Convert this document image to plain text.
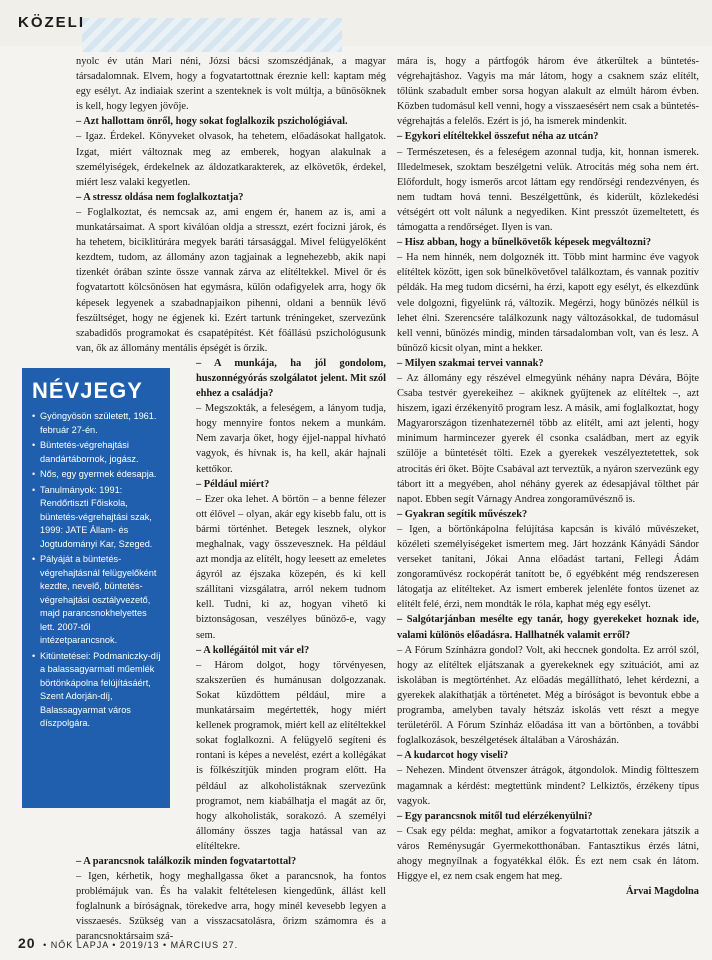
KÖZELI

nyolc év után Mari néni, Józsi bácsi szomszédjának, a magyar társadalomnak. Elvem, hogy a fogvatartottnak éreznie kell: kaptam még egy esélyt. Az indiaiak szerint a szenteknek is volt múltja, a bűnösöknek is kell, hogy legyen jövője.

– Azt hallottam önről, hogy sokat foglalkozik pszichológiával.

– Igaz. Érdekel. Könyveket olvasok, ha tehetem, előadásokat hallgatok. Izgat, miért változnak meg az emberek, hogyan alakulnak a személyiségek, érdekelnek az áldozatkarakterek, az elkövetők, érdekel, miért lesz valaki kegyetlen.

– A stressz oldása nem foglalkoztatja?

– Foglalkoztat, és nemcsak az, ami engem ér, hanem az is, ami a munkatársaimat. A sport kiválóan oldja a stresszt, ezért focizni járok, és ha tehetem, biciklitúrára megyek baráti társasággal. Mivel felügyelőként kezdtem, tudom, az állomány azon tagjainak a legnehezebb, akik napi tizenkét órában szinte össze vannak zárva az elítéltekkel. Mivel őr és fogvatartott kölcsönösen hat egymásra, külön odafigyelek arra, hogy ők képesek legyenek a szabadnapjaikon pihenni, oldani a bennük lévő feszültséget, hogy ne égjenek ki. Ezért tartunk tréningeket, szervezünk szabadidős programokat és csapatépítést. Két főállású pszichológusunk van, ők az állomány mentális épségét is őrzik.

– A munkája, ha jól gondolom, huszonnégyórás szolgálatot jelent. Mit szól ehhez a családja?

– Megszokták, a feleségem, a lányom tudja, hogy mennyire fontos nekem a munkám. Nem zavarja őket, hogy éjjel-nappal hívható vagyok, és hívnak is, ha kell, akár hajnali kettőkor.

– Például miért?

– Ezer oka lehet. A börtön – a benne félezer ott élővel – olyan, akár egy kisebb falu, ott is bármi történhet. Betegek lesznek, olykor meghalnak, vagy összevesznek. Ha például azt mondja az elítélt, hogy leesett az emeletes ágyról az éjszaka közepén, és ki kell szállítani vizsgálatra, arról nekem tudnom kell. Tudni, ki az, hogyan vihető ki biztonságosan, veszélyes bűnöző-e, vagy sem.

– A kollégáitól mit vár el?

– Három dolgot, hogy törvényesen, szakszerűen és humánusan dolgozzanak. Sokat küzdöttem például, mire a munkatársaim megértették, hogy miért kellenek programok, miért kell az elítéltekkel sokat foglalkozni. A felügyelő segíteni és rontani is képes a nevelést, ezért a kollégákat is fölkészítjük minden program előtt. Ha például az alkoholistáknak szervezünk programot, nem kiabálhatja el magát az őr, hogy alkoholisták, sorakozó. A személyi állomány összes tagja hatással van az elítéltekre.

– A parancsnok találkozik minden fogvatartottal?

– Igen, kérhetik, hogy meghallgassa őket a parancsnok, ha fontos problémájuk van. És ha valakit feltételesen kiengedünk, állást kell foglalnunk a bíróságnak, törekedve arra, hogy minél kevesebb legyen a visszaesés. Szükség van a visszacsatolásra, őrizm számomra és a parancsnoktársaim szá-

NÉVJEGY
• Gyöngyösön született, 1961. február 27-én.
• Büntetés-végrehajtási dandártábornok, jogász.
• Nős, egy gyermek édesapja.
• Tanulmányok: 1991: Rendőrtiszti Főiskola, büntetés-végrehajtási szak, 1999: JATE Állam- és Jogtudományi Kar, Szeged.
• Pályáját a büntetés-végrehajtásnál felügyelőként kezdte, nevelő, büntetés-végrehajtási osztályvezető, majd parancsnokhelyettes lett. 2007-től intézetparancsnok.
• Kitüntetései: Podmaniczky-díj a balassagyarmati műemlék börtönkápolna felújításáért, Szent Adorján-díj, Balassagyarmat város díszpolgára.

mára is, hogy a pártfogók három éve átkerültek a büntetés-végrehajtáshoz. Vagyis ma már látom, hogy a csaknem száz elítélt, tőlünk szabadult ember sorsa hogyan alakult az elmúlt három évben. Közben tudomásul kell venni, hogy a visszaesésért nem csak a büntetés-végrehajtás a felelős. Ezért is jó, ha ismerek mindenkit.

– Egykori elítéltekkel összefut néha az utcán?

– Természetesen, és a feleségem azonnal tudja, kit, honnan ismerek. Illedelmesek, szoktam beszélgetni velük. Atrocitás még soha nem ért. Előfordult, hogy ismerős arcot láttam egy rendőrségi rendezvényen, és nem tudtam hová tenni. Beszélgettünk, és kiderült, közlekedési vétségért ott volt nálunk a negyediken. Kint presszót üzemeltetett, és támogatta a rendőrséget. Ilyen is van.

– Hisz abban, hogy a bűnelkövetők képesek megváltozni?

– Ha nem hinnék, nem dolgoznék itt. Több mint harminc éve vagyok elítéltek között, igen sok bűnelkövetővel találkoztam, és vannak pozitív példák. Ha meg tudom dicsérni, ha érzi, kapott egy esélyt, és elkezdünk vele dolgozni, figyelünk rá, változik. Megérzi, hogy bűnözés nélkül is lehet élni. Szerencsére találkozunk nagy változásokkal, de tudomásul kell venni, bűnözés mindig, minden társadalomban volt, van és lesz. A bűnöző kicsit olyan, mint a hekker.

– Milyen szakmai tervei vannak?

– Az állomány egy részével elmegyünk néhány napra Dévára, Böjte Csaba testvér gyerekeihez – akiknek gyűjtenek az elítéltek –, azt hiszem, igazi érzékenyítő program lesz. A másik, ami foglalkoztat, hogy Magyarországon tizenhatezernél több az elítélt, ami azt jelenti, hogy minimum harmincezer gyerek él csonka családban, mert az egyik szülője a büntetését tölti. Ezek a gyerekek veszélyeztetettek, sok atrocitás éri őket. Böjte Csabával azt terveztük, a nyáron szervezünk egy tábort itt a megyében, ahol néhány gyerek az édesapjával tölthet pár napot. Ebben segít Várnagy Andrea zongoraművésznő is.

– Gyakran segítik művészek?

– Igen, a börtönkápolna felújítása kapcsán is kiváló művészeket, közéleti személyiségeket ismertem meg. Járt hozzánk Kányádi Sándor verseket tanítani, Jókai Anna előadást tartani, Fellegi Ádám zongoraművész rockopérát tanított be, ő egyébként még rendszeresen látogatja az elítélteket. Az ismert emberek jelenléte fontos üzenet az elítélt felé, érzi, nem mondták le róla, kaphat még egy esélyt.

– Salgótarjánban mesélte egy tanár, hogy gyerekeket hoznak ide, valami különös előadásra. Hallhatnék valamit erről?

– A Fórum Színházra gondol? Volt, aki heccnek gondolta. Ez arról szól, hogy az elítéltek eljátszanak a gyerekeknek egy szituációt, ami az iskolában is megtörténhet. Az előadás megállítható, lehet kérdezni, a gyerekek alakíthatják a történetet. Még a bíróságot is bevontuk ebbe a programba, amelyben tavaly hétszáz iskolás vett részt a megye területéről. A Fórum Színház előadása itt van a börtönben, a további foglalkozások, beszélgetések általában a Városházán.

– A kudarcot hogy viseli?

– Nehezen. Mindent ötvenszer átrágok, átgondolok. Mindig föltteszem magamnak a kérdést: megtettünk mindent? Lelkiztős, érzékeny típus vagyok.

– Egy parancsnok mitől tud elérzékenyülni?

– Csak egy példa: meghat, amikor a fogvatartottak zenekara játszik a város Reménysugár Gyermekotthonában. Fantasztikus érzés látni, ahogy megnyílnak a fogyatékkal élők. És ezt nem csak én látom. Higgye el, ez nem csak engem hat meg.

Árvai Magdolna

20 • NŐK LAPJA • 2019/13 • MÁRCIUS 27.
